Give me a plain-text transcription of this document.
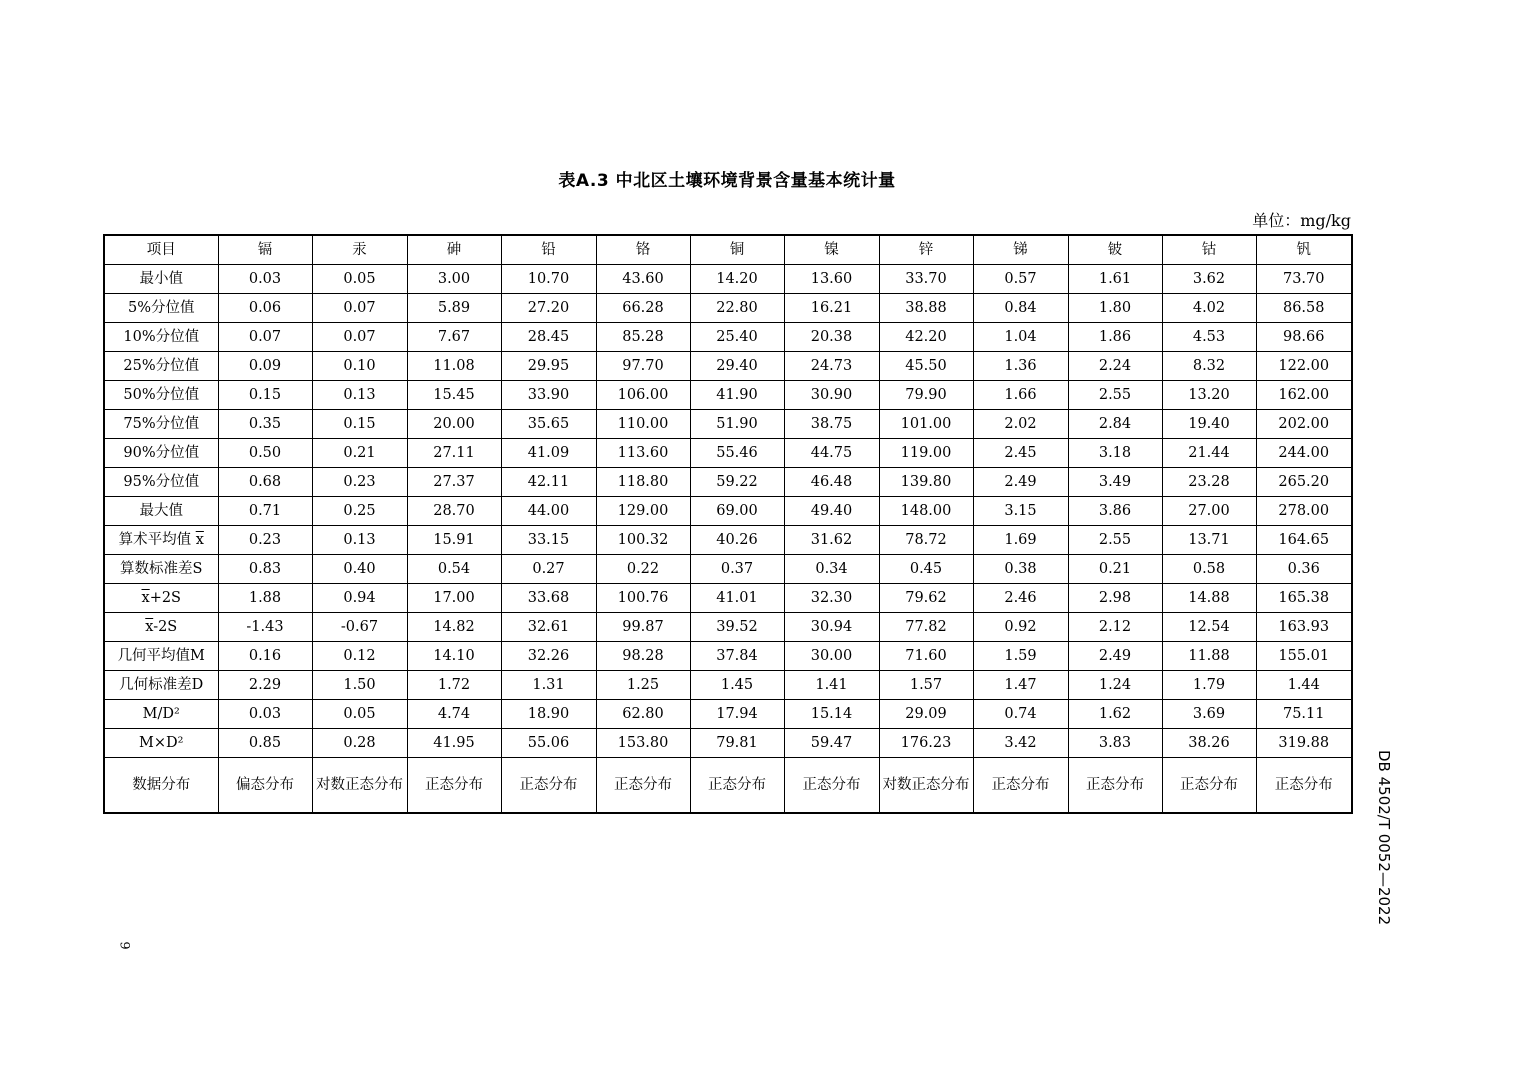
表A.3 中北区土壤环境背景含量基本统计量
单位：mg/kg
项目	镉	汞	砷	铅	铬	铜	镍	锌	锑	铍	钴	钒
最小值	0.03	0.05	3.00	10.70	43.60	14.20	13.60	33.70	0.57	1.61	3.62	73.70
5%分位值	0.06	0.07	5.89	27.20	66.28	22.80	16.21	38.88	0.84	1.80	4.02	86.58
10%分位值	0.07	0.07	7.67	28.45	85.28	25.40	20.38	42.20	1.04	1.86	4.53	98.66
25%分位值	0.09	0.10	11.08	29.95	97.70	29.40	24.73	45.50	1.36	2.24	8.32	122.00
50%分位值	0.15	0.13	15.45	33.90	106.00	41.90	30.90	79.90	1.66	2.55	13.20	162.00
75%分位值	0.35	0.15	20.00	35.65	110.00	51.90	38.75	101.00	2.02	2.84	19.40	202.00
90%分位值	0.50	0.21	27.11	41.09	113.60	55.46	44.75	119.00	2.45	3.18	21.44	244.00
95%分位值	0.68	0.23	27.37	42.11	118.80	59.22	46.48	139.80	2.49	3.49	23.28	265.20
最大值	0.71	0.25	28.70	44.00	129.00	69.00	49.40	148.00	3.15	3.86	27.00	278.00
算术平均值 $\overline{x}$	0.23	0.13	15.91	33.15	100.32	40.26	31.62	78.72	1.69	2.55	13.71	164.65
算数标准差S	0.83	0.40	0.54	0.27	0.22	0.37	0.34	0.45	0.38	0.21	0.58	0.36
$\overline{x}+2S$	1.88	0.94	17.00	33.68	100.76	41.01	32.30	79.62	2.46	2.98	14.88	165.38
$\overline{x}-2S$	-1.43	-0.67	14.82	32.61	99.87	39.52	30.94	77.82	0.92	2.12	12.54	163.93
几何平均值M	0.16	0.12	14.10	32.26	98.28	37.84	30.00	71.60	1.59	2.49	11.88	155.01
几何标准差D	2.29	1.50	1.72	1.31	1.25	1.45	1.41	1.57	1.47	1.24	1.79	1.44
M/D²	0.03	0.05	4.74	18.90	62.80	17.94	15.14	29.09	0.74	1.62	3.69	75.11
M×D²	0.85	0.28	41.95	55.06	153.80	79.81	59.47	176.23	3.42	3.83	38.26	319.88
数据分布	偏态分布	对数正态分布	正态分布	正态分布	正态分布	正态分布	正态分布	对数正态分布	正态分布	正态分布	正态分布	正态分布	DB 4502/T 0052—2022
9
